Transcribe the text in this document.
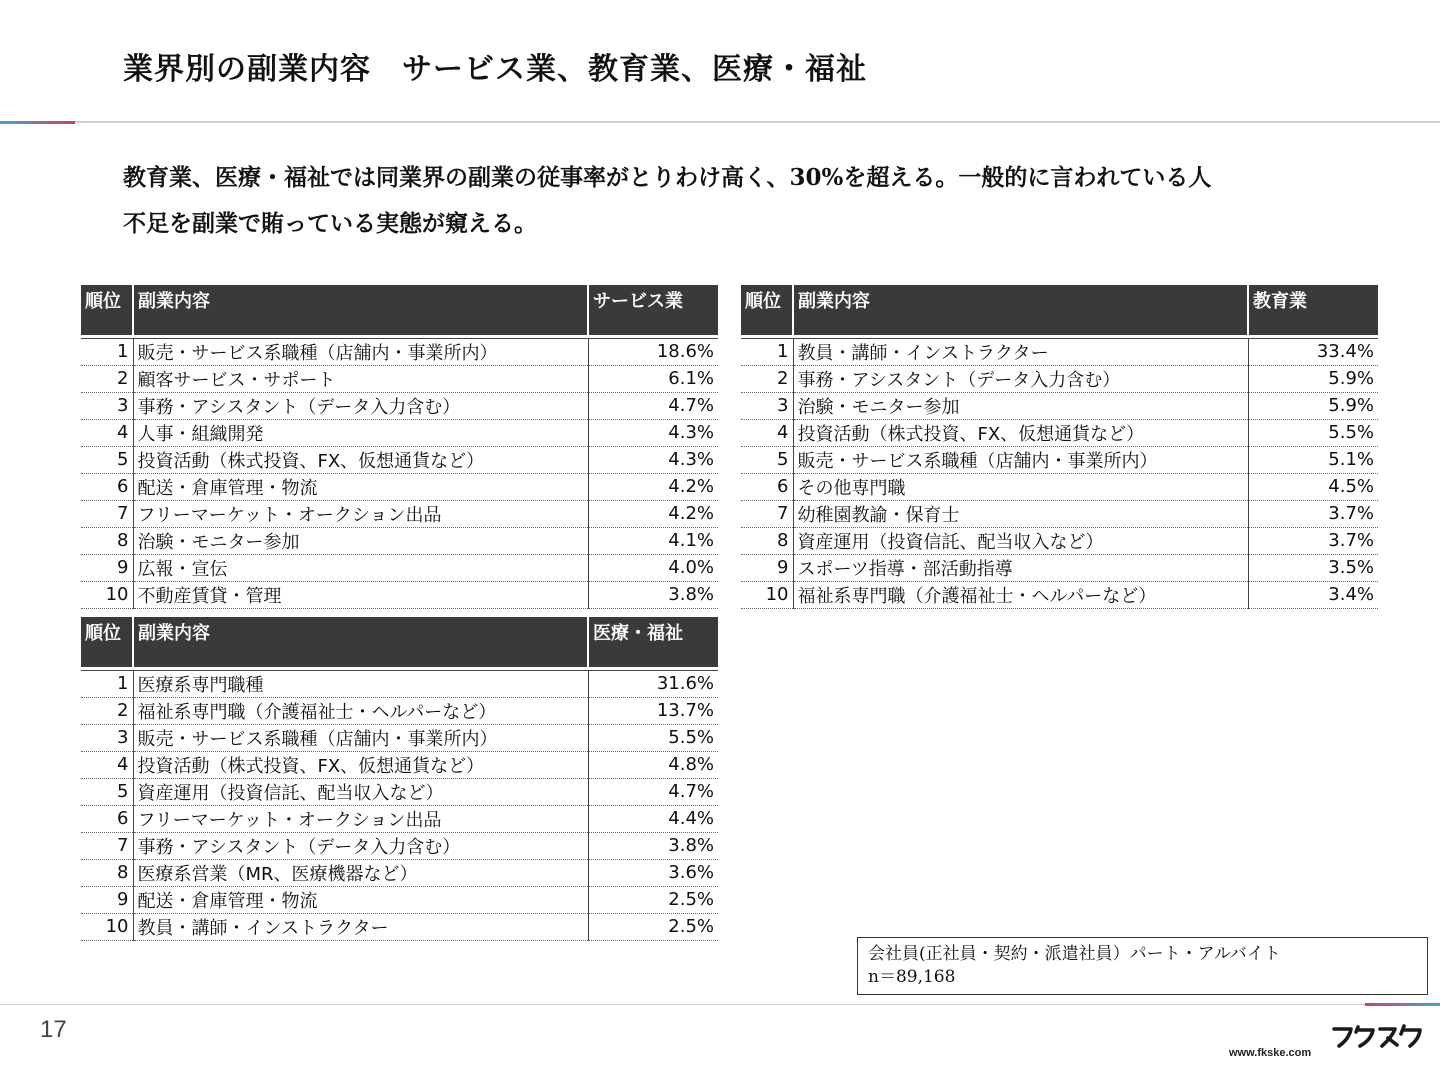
業界別の副業内容　サービス業、教育業、医療・福祉
教育業、医療・福祉では同業界の副業の従事率がとりわけ高く、30%を超える。一般的に言われている人
不足を副業で賄っている実態が窺える。
順位	副業内容	サービス業

1	販売・サービス系職種（店舗内・事業所内）	18.6%
2	顧客サービス・サポート	6.1%
3	事務・アシスタント（データ入力含む）	4.7%
4	人事・組織開発	4.3%
5	投資活動（株式投資、FX、仮想通貨など）	4.3%
6	配送・倉庫管理・物流	4.2%
7	フリーマーケット・オークション出品	4.2%
8	治験・モニター参加	4.1%
9	広報・宣伝	4.0%
10	不動産賃貸・管理	3.8%
順位	副業内容	教育業

1	教員・講師・インストラクター	33.4%
2	事務・アシスタント（データ入力含む）	5.9%
3	治験・モニター参加	5.9%
4	投資活動（株式投資、FX、仮想通貨など）	5.5%
5	販売・サービス系職種（店舗内・事業所内）	5.1%
6	その他専門職	4.5%
7	幼稚園教諭・保育士	3.7%
8	資産運用（投資信託、配当収入など）	3.7%
9	スポーツ指導・部活動指導	3.5%
10	福祉系専門職（介護福祉士・ヘルパーなど）	3.4%
順位	副業内容	医療・福祉

1	医療系専門職種	31.6%
2	福祉系専門職（介護福祉士・ヘルパーなど）	13.7%
3	販売・サービス系職種（店舗内・事業所内）	5.5%
4	投資活動（株式投資、FX、仮想通貨など）	4.8%
5	資産運用（投資信託、配当収入など）	4.7%
6	フリーマーケット・オークション出品	4.4%
7	事務・アシスタント（データ入力含む）	3.8%
8	医療系営業（MR、医療機器など）	3.6%
9	配送・倉庫管理・物流	2.5%
10	教員・講師・インストラクター	2.5%
会社員(正社員・契約・派遣社員）パート・アルバイト
n＝89,168
17
www.fkske.com
